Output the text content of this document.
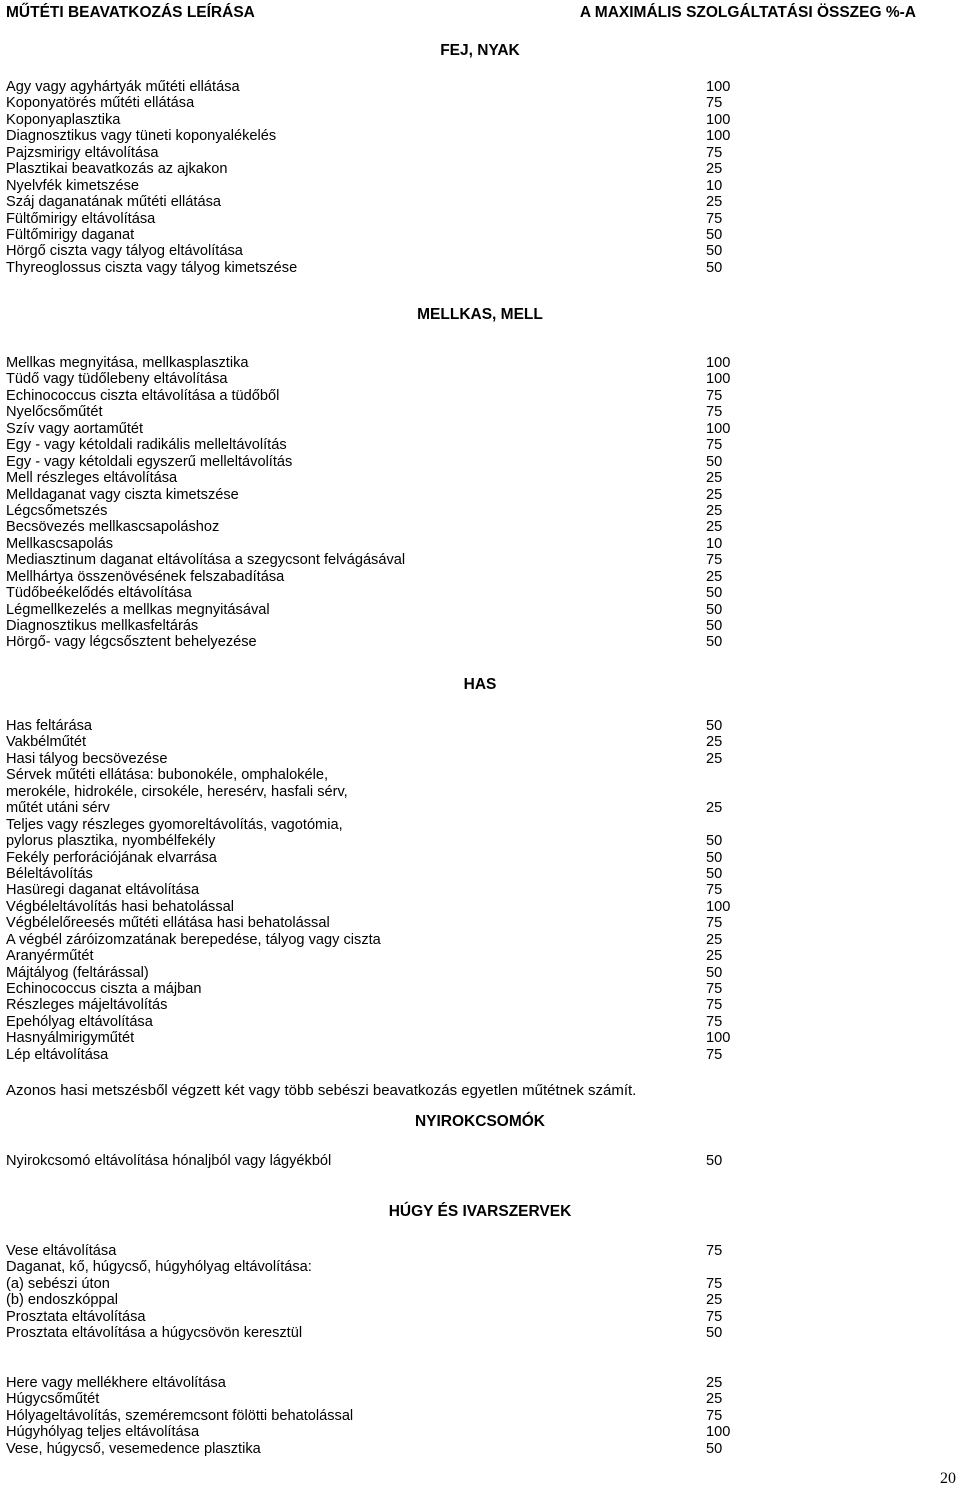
MŰTÉTI BEAVATKOZÁS LEÍRÁSA	A MAXIMÁLIS SZOLGÁLTATÁSI ÖSSZEG %-A
FEJ, NYAK
Agy vagy agyhártyák műtéti ellátása	100
Koponyatörés műtéti ellátása	75
Koponyaplasztika	100
Diagnosztikus vagy tüneti koponyalékelés	100
Pajzsmirigy eltávolítása	75
Plasztikai beavatkozás az ajkakon	25
Nyelvfék kimetszése	10
Száj daganatának műtéti ellátása	25
Fültőmirigy eltávolítása	75
Fültőmirigy daganat	50
Hörgő ciszta vagy tályog eltávolítása	50
Thyreoglossus ciszta vagy tályog kimetszése	50
MELLKAS, MELL
Mellkas megnyitása, mellkasplasztika	100
Tüdő vagy tüdőlebeny eltávolítása	100
Echinococcus ciszta eltávolítása a tüdőből	75
Nyelőcsőműtét	75
Szív vagy aortaműtét	100
Egy - vagy kétoldali radikális melleltávolítás	75
Egy - vagy kétoldali egyszerű melleltávolítás	50
Mell részleges eltávolítása	25
Melldaganat vagy ciszta kimetszése	25
Légcsőmetszés	25
Becsövezés mellkascsapoláshoz	25
Mellkascsapolás	10
Mediasztinum daganat eltávolítása a szegycsont felvágásával	75
Mellhártya összenövésének felszabadítása	25
Tüdőbeékelődés eltávolítása	50
Légmellkezelés a mellkas megnyitásával	50
Diagnosztikus mellkasfeltárás	50
Hörgő- vagy légcsősztent behelyezése	50
HAS
Has feltárása	50
Vakbélműtét	25
Hasi tályog becsövezése	25
Sérvek műtéti ellátása: bubonokéle, omphalokéle,
merokéle, hidrokéle, cirsokéle, heresérv, hasfali sérv,
műtét utáni sérv	25
Teljes vagy részleges gyomoreltávolítás, vagotómia,
pylorus plasztika, nyombélfekély	50
Fekély perforációjának elvarrása	50
Béleltávolítás	50
Hasüregi daganat eltávolítása	75
Végbéleltávolítás hasi behatolással	100
Végbélelőreesés műtéti ellátása hasi behatolással	75
A végbél záróizomzatának berepedése, tályog vagy ciszta	25
Aranyérműtét	25
Májtályog (feltárással)	50
Echinococcus ciszta a májban	75
Részleges májeltávolítás	75
Epehólyag eltávolítása	75
Hasnyálmirigyműtét	100
Lép eltávolítása	75
Azonos hasi metszésből végzett két vagy több sebészi beavatkozás egyetlen műtétnek számít.
NYIROKCSOMÓK
Nyirokcsomó eltávolítása hónaljból vagy lágyékból	50
HÚGY ÉS IVARSZERVEK
Vese eltávolítása	75
Daganat, kő, húgycső, húgyhólyag eltávolítása:
(a) sebészi úton	75
(b) endoszkóppal	25
Prosztata eltávolítása	75
Prosztata eltávolítása a húgycsövön keresztül	50
Here vagy mellékhere eltávolítása	25
Húgycsőműtét	25
Hólyageltávolítás, szeméremcsont fölötti behatolással	75
Húgyhólyag teljes eltávolítása	100
Vese, húgycső, vesemedence plasztika	50
20
